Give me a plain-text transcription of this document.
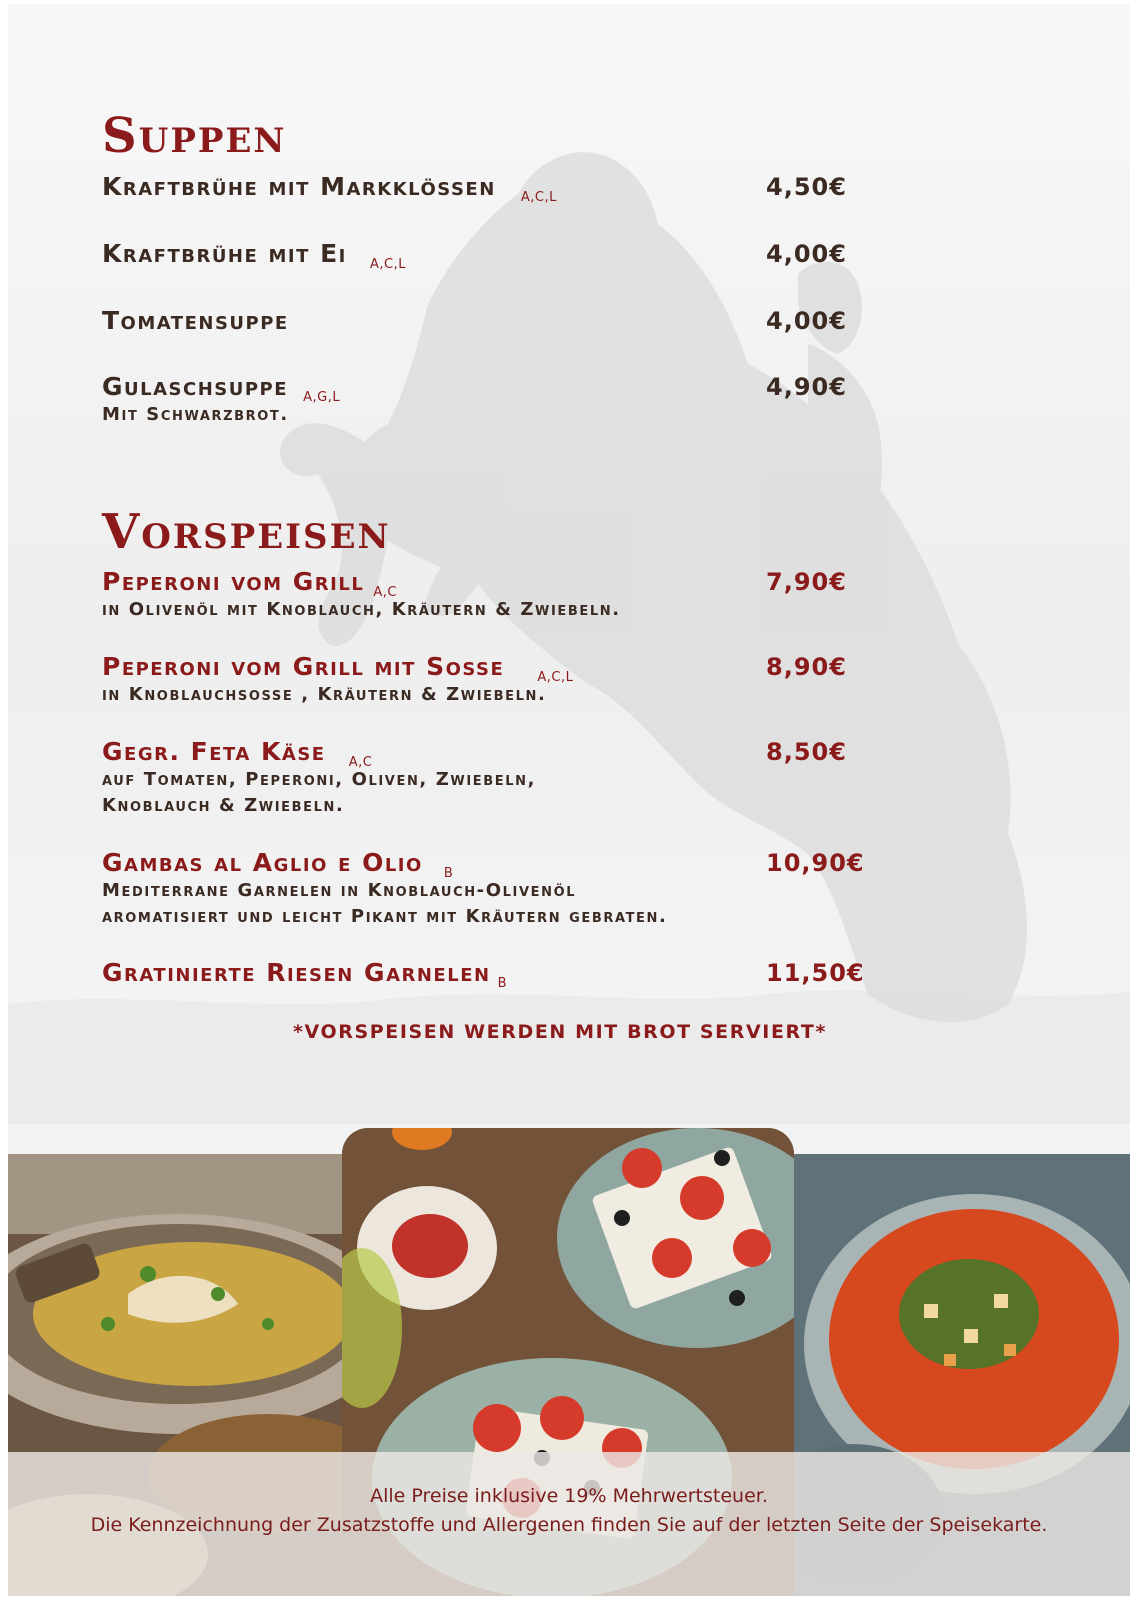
Suppen
Kraftbrühe mit Markklössen $_{A,C,L}$	4,50€
Kraftbrühe mit Ei $_{A,C,L}$	4,00€
Tomatensuppe	4,00€
Gulaschsuppe $_{A,G,L}$	4,90€
Mit Schwarzbrot.
Vorspeisen
Peperoni vom Grill $_{A,C}$	7,90€
in Olivenöl mit Knoblauch, Kräutern & Zwiebeln.
Peperoni vom Grill mit Sosse	$_{A,C,L}$	8,90€
in Knoblauchsosse , Kräutern & Zwiebeln.
Gegr. Feta Käse $_{A,C}$	8,50€
auf Tomaten, Peperoni, Oliven, Zwiebeln,
Knoblauch & Zwiebeln.
Gambas al Aglio e Olio $_B$	10,90€
Mediterrane Garnelen in Knoblauch-Olivenöl
aromatisiert und leicht Pikant mit Kräutern gebraten.
Gratinierte Riesen Garnelen $_B$	11,50€
*VORSPEISEN WERDEN MIT BROT SERVIERT*
Alle Preise inklusive 19% Mehrwertsteuer.
Die Kennzeichnung der Zusatzstoffe und Allergenen finden Sie auf der letzten Seite der Speisekarte.
